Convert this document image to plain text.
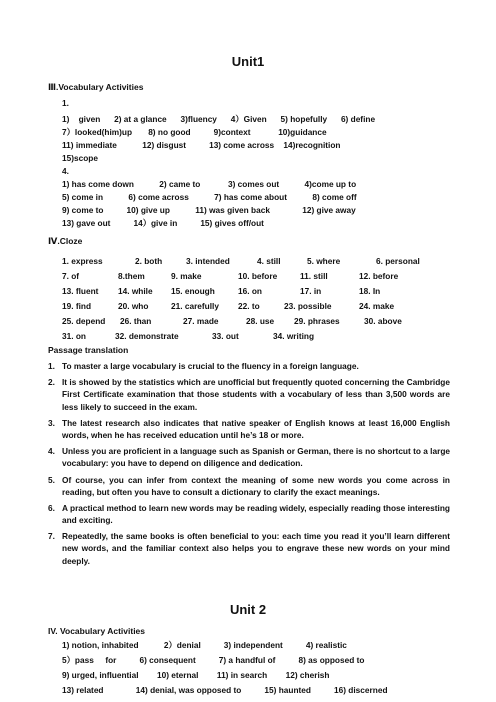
Unit1
Ⅲ.Vocabulary Activities
1.
1)    given      2) at a glance      3)fluency      4）Given      5) hopefully      6) define
7）looked(him)up       8) no good          9)context            10)guidance
11) immediate           12) disgust          13) come across    14)recognition
15)scope
4.
1) has come down           2) came to            3) comes out           4)come up to
5) come in           6) come across           7) has come about           8) come off
9) come to          10) give up           11) was given back              12) give away
13) gave out          14）give in          15) gives off/out
Ⅳ.Cloze
1. express	2. both	3. intended	4. still	5. where	6. personal
7. of	8.them	9. make	10. before	11. still	12. before
13. fluent 14. while 15. enough	16. on	17. in	18. In
19. find	20. who	21. carefully 22. to	23. possible	24. make
25. depend 26. than	27. made	28. use 29. phrases	30. above
31. on	32. demonstrate	33. out	34. writing
Passage translation
1. To master a large vocabulary is crucial to the fluency in a foreign language.
2. It is showed by the statistics which are unofficial but frequently quoted concerning the Cambridge First Certificate examination that those students with a vocabulary of less than 3,500 words are less likely to succeed in the exam.
3. The latest research also indicates that native speaker of English knows at least 16,000 English words, when he has received education until he’s 18 or more.
4. Unless you are proficient in a language such as Spanish or German, there is no shortcut to a large vocabulary: you have to depend on diligence and dedication.
5. Of course, you can infer from context the meaning of some new words you come across in reading, but often you have to consult a dictionary to clarify the exact meanings.
6. A practical method to learn new words may be reading widely, especially reading those interesting and exciting.
7. Repeatedly, the same books is often beneficial to you: each time you read it you’ll learn different new words, and the familiar context also helps you to engrave these new words on your mind deeply.
Unit 2
IV. Vocabulary Activities
1) notion, inhabited           2）denial          3) independent          4) realistic
5）pass     for          6) consequent          7) a handful of          8) as opposed to
9) urged, influential        10) eternal        11) in search        12) cherish
13) related              14) denial, was opposed to          15) haunted          16) discerned
